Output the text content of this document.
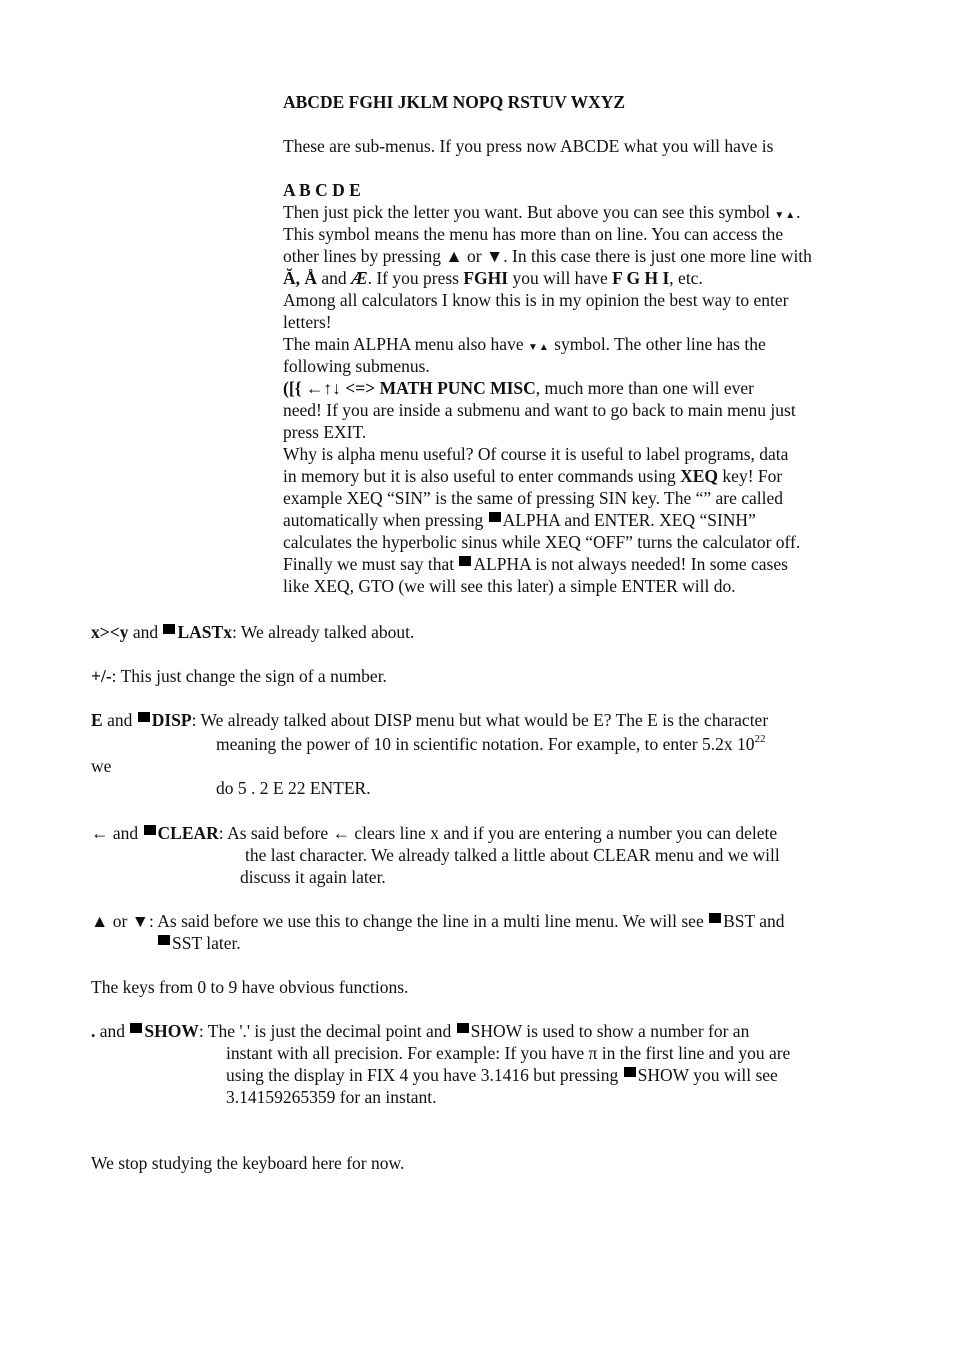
ABCDE FGHI JKLM NOPQ RSTUV WXYZ
These are sub-menus. If you press now ABCDE what you will have is
A B C D E
Then just pick the letter you want. But above you can see this symbol ▼▲.
This symbol means the menu has more than on line. You can access the
other lines by pressing ▲ or ▼. In this case there is just one more line with
Ă, Å and Æ. If you press FGHI you will have F G H I, etc.
Among all calculators I know this is in my opinion the best way to enter
letters!
The main ALPHA menu also have ▼▲ symbol. The other line has the
following submenus.
([{ ←↑↓ <=> MATH PUNC MISC, much more than one will ever
need! If you are inside a submenu and want to go back to main menu just
press EXIT.
Why is alpha menu useful? Of course it is useful to label programs, data
in memory but it is also useful to enter commands using XEQ key! For
example XEQ “SIN” is the same of pressing SIN key. The “” are called
automatically when pressing ALPHA and ENTER. XEQ “SINH”
calculates the hyperbolic sinus while XEQ “OFF” turns the calculator off.
Finally we must say that ALPHA is not always needed! In some cases
like XEQ, GTO (we will see this later) a simple ENTER will do.
x><y and LASTx: We already talked about.
+/-: This just change the sign of a number.
E and DISP: We already talked about DISP menu but what would be E? The E is the character
meaning the power of 10 in scientific notation. For example, to enter 5.2x $10^{22}$
we
do 5 . 2 E 22 ENTER.
← and CLEAR: As said before ← clears line x and if you are entering a number you can delete
the last character. We already talked a little about CLEAR menu and we will
discuss it again later.
▲ or ▼: As said before we use this to change the line in a multi line menu. We will see BST and
SST later.
The keys from 0 to 9 have obvious functions.
. and SHOW: The '.' is just the decimal point and SHOW is used to show a number for an
instant with all precision. For example: If you have π in the first line and you are
using the display in FIX 4 you have 3.1416 but pressing SHOW you will see
3.14159265359 for an instant.
We stop studying the keyboard here for now.
